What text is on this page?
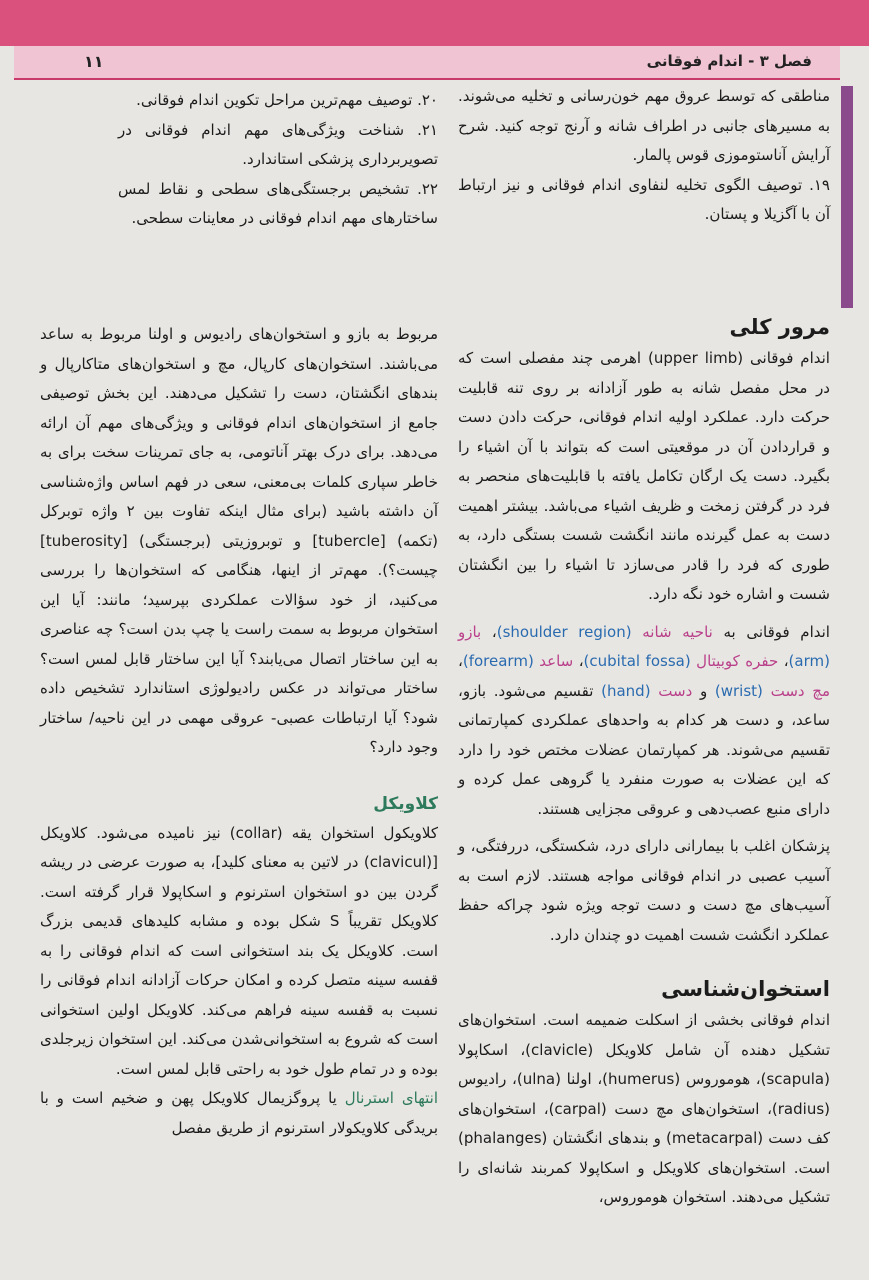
فصل ۳ - اندام فوقانی
۱۱

مناطقی که توسط عروق مهم خون‌رسانی و تخلیه می‌شوند. به مسیرهای جانبی در اطراف شانه و آرنج توجه کنید. شرح آرایش آناستوموزی قوس پالمار.

۱۹. توصیف الگوی تخلیه لنفاوی اندام فوقانی و نیز ارتباط آن با آگزیلا و پستان.

۲۰. توصیف مهم‌ترین مراحل تکوین اندام فوقانی.

۲۱. شناخت ویژگی‌های مهم اندام فوقانی در تصویربرداری پزشکی استاندارد.

۲۲. تشخیص برجستگی‌های سطحی و نقاط لمس ساختارهای مهم اندام فوقانی در معاینات سطحی.

مرور کلی

اندام فوقانی (upper limb) اهرمی چند مفصلی است که در محل مفصل شانه به طور آزادانه بر روی تنه قابلیت حرکت دارد. عملکرد اولیه اندام فوقانی، حرکت دادن دست و قراردادن آن در موقعیتی است که بتواند با آن اشیاء را بگیرد. دست یک ارگان تکامل یافته با قابلیت‌های منحصر به فرد در گرفتن زمخت و ظریف اشیاء می‌باشد. بیشتر اهمیت دست به عمل گیرنده مانند انگشت شست بستگی دارد، به طوری که فرد را قادر می‌سازد تا اشیاء را بین انگشتان شست و اشاره خود نگه دارد.

اندام فوقانی به ناحیه شانه (shoulder region)، بازو (arm)، حفره کوبیتال (cubital fossa)، ساعد (forearm)، مچ دست (wrist) و دست (hand) تقسیم می‌شود. بازو، ساعد، و دست هر کدام به واحدهای عملکردی کمپارتمانی تقسیم می‌شوند. هر کمپارتمان عضلات مختص خود را دارد که این عضلات به صورت منفرد یا گروهی عمل کرده و دارای منبع عصب‌دهی و عروقی مجزایی هستند.

پزشکان اغلب با بیمارانی دارای درد، شکستگی، دررفتگی، و آسیب عصبی در اندام فوقانی مواجه هستند. لازم است به آسیب‌های مچ دست و دست توجه ویژه شود چراکه حفظ عملکرد انگشت شست اهمیت دو چندان دارد.

استخوان‌شناسی

اندام فوقانی بخشی از اسکلت ضمیمه است. استخوان‌های تشکیل دهنده آن شامل کلاویکل (clavicle)، اسکاپولا (scapula)، هوموروس (humerus)، اولنا (ulna)، رادیوس (radius)، استخوان‌های مچ دست (carpal)، استخوان‌های کف دست (metacarpal) و بندهای انگشتان (phalanges) است. استخوان‌های کلاویکل و اسکاپولا کمربند شانه‌ای را تشکیل می‌دهند. استخوان هوموروس،

مربوط به بازو و استخوان‌های رادیوس و اولنا مربوط به ساعد می‌باشند. استخوان‌های کارپال، مچ و استخوان‌های متاکارپال و بندهای انگشتان، دست را تشکیل می‌دهند. این بخش توصیفی جامع از استخوان‌های اندام فوقانی و ویژگی‌های مهم آن ارائه می‌دهد. برای درک بهتر آناتومی، به جای تمرینات سخت برای به خاطر سپاری کلمات بی‌معنی، سعی در فهم اساس واژه‌شناسی آن داشته باشید (برای مثال اینکه تفاوت بین ۲ واژه توبرکل (تکمه) [tubercle] و توبروزیتی (برجستگی) [tuberosity] چیست؟). مهم‌تر از اینها، هنگامی که استخوان‌ها را بررسی می‌کنید، از خود سؤالات عملکردی بپرسید؛ مانند: آیا این استخوان مربوط به سمت راست یا چپ بدن است؟ چه عناصری به این ساختار اتصال می‌یابند؟ آیا این ساختار قابل لمس است؟ ساختار می‌تواند در عکس رادیولوژی استاندارد تشخیص داده شود؟ آیا ارتباطات عصبی- عروقی مهمی در این ناحیه/ ساختار وجود دارد؟

کلاویکل

کلاویکول استخوان یقه (collar) نیز نامیده می‌شود. کلاویکل [(clavicul) در لاتین به معنای کلید]، به صورت عرضی در ریشه گردن بین دو استخوان استرنوم و اسکاپولا قرار گرفته است. کلاویکل تقریباً S شکل بوده و مشابه کلیدهای قدیمی بزرگ است. کلاویکل یک بند استخوانی است که اندام فوقانی را به قفسه سینه متصل کرده و امکان حرکات آزادانه اندام فوقانی را نسبت به قفسه سینه فراهم می‌کند. کلاویکل اولین استخوانی است که شروع به استخوانی‌شدن می‌کند. این استخوان زیرجلدی بوده و در تمام طول خود به راحتی قابل لمس است.

انتهای استرنال یا پروگزیمال کلاویکل پهن و ضخیم است و با بریدگی کلاویکولار استرنوم از طریق مفصل
